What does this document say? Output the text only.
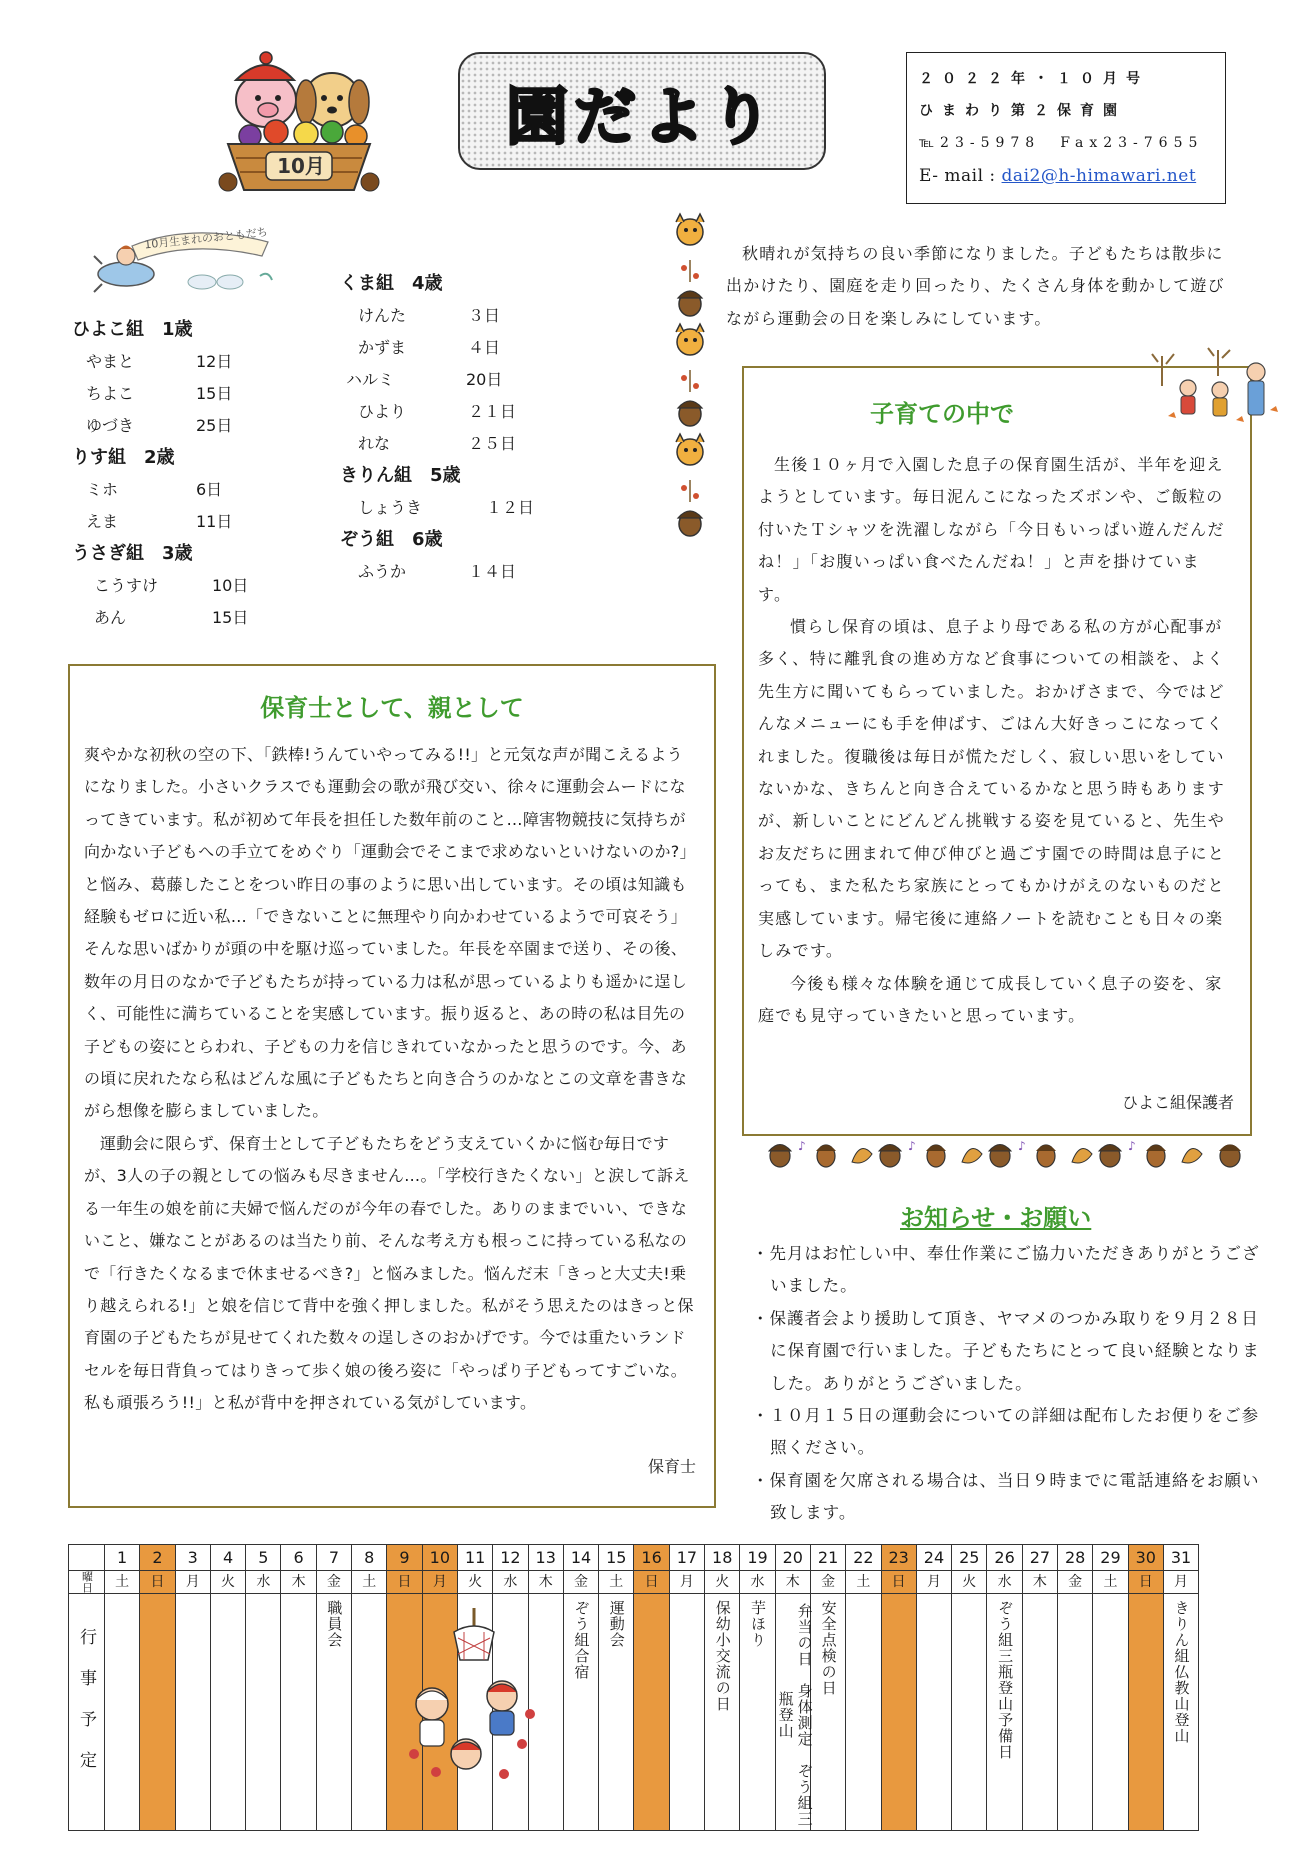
10月
園だより
２０２２年・１０月号
ひまわり第２保育園
℡23-5978　Fax23-7655
E- mail : dai2@h-himawari.net
10月生まれのおともだち
ひよこ組　1歳
やまと	12日
ちよこ	15日
ゆづき	25日
りす組　2歳
ミホ	6日
えま	11日
うさぎ組　3歳
こうすけ	10日
あん	15日
くま組　4歳
けんた	３日
かずま	４日
ハルミ	20日
ひより	２１日
れな	２５日
きりん組　5歳
しょうき	１２日
ぞう組　6歳
ふうか	１４日
秋晴れが気持ちの良い季節になりました。子どもたちは散歩に出かけたり、園庭を走り回ったり、たくさん身体を動かして遊びながら運動会の日を楽しみにしています。
保育士として、親として

爽やかな初秋の空の下、「鉄棒!うんていやってみる!!」と元気な声が聞こえるようになりました。小さいクラスでも運動会の歌が飛び交い、徐々に運動会ムードになってきています。私が初めて年長を担任した数年前のこと…障害物競技に気持ちが向かない子どもへの手立てをめぐり「運動会でそこまで求めないといけないのか?」と悩み、葛藤したことをつい昨日の事のように思い出しています。その頃は知識も経験もゼロに近い私…「できないことに無理やり向かわせているようで可哀そう」そんな思いばかりが頭の中を駆け巡っていました。年長を卒園まで送り、その後、数年の月日のなかで子どもたちが持っている力は私が思っているよりも遥かに逞しく、可能性に満ちていることを実感しています。振り返ると、あの時の私は目先の子どもの姿にとらわれ、子どもの力を信じきれていなかったと思うのです。今、あの頃に戻れたなら私はどんな風に子どもたちと向き合うのかなとこの文章を書きながら想像を膨らましていました。

運動会に限らず、保育士として子どもたちをどう支えていくかに悩む毎日ですが、3人の子の親としての悩みも尽きません…。「学校行きたくない」と涙して訴える一年生の娘を前に夫婦で悩んだのが今年の春でした。ありのままでいい、できないこと、嫌なことがあるのは当たり前、そんな考え方も根っこに持っている私なので「行きたくなるまで休ませるべき?」と悩みました。悩んだ末「きっと大丈夫!乗り越えられる!」と娘を信じて背中を強く押しました。私がそう思えたのはきっと保育園の子どもたちが見せてくれた数々の逞しさのおかげです。今では重たいランドセルを毎日背負ってはりきって歩く娘の後ろ姿に「やっぱり子どもってすごいな。私も頑張ろう!!」と私が背中を押されている気がしています。

保育士
子育ての中で

生後１０ヶ月で入園した息子の保育園生活が、半年を迎えようとしています。毎日泥んこになったズボンや、ご飯粒の付いたＴシャツを洗濯しながら「今日もいっぱい遊んだんだね！」「お腹いっぱい食べたんだね！」と声を掛けています。

慣らし保育の頃は、息子より母である私の方が心配事が多く、特に離乳食の進め方など食事についての相談を、よく先生方に聞いてもらっていました。おかげさまで、今ではどんなメニューにも手を伸ばす、ごはん大好きっこになってくれました。復職後は毎日が慌ただしく、寂しい思いをしていないかな、きちんと向き合えているかなと思う時もありますが、新しいことにどんどん挑戦する姿を見ていると、先生やお友だちに囲まれて伸び伸びと過ごす園での時間は息子にとっても、また私たち家族にとってもかけがえのないものだと実感しています。帰宅後に連絡ノートを読むことも日々の楽しみです。

今後も様々な体験を通じて成長していく息子の姿を、家庭でも見守っていきたいと思っています。

ひよこ組保護者
♪
お知らせ・お願い

・先月はお忙しい中、奉仕作業にご協力いただきありがとうございました。

・保護者会より援助して頂き、ヤマメのつかみ取りを９月２８日に保育園で行いました。子どもたちにとって良い経験となりました。ありがとうございました。

・１０月１５日の運動会についての詳細は配布したお便りをご参照ください。

・保育園を欠席される場合は、当日９時までに電話連絡をお願い致します。

	1	2	3	4	5	6	7	8	9	10	11	12	13	14	15	16	17	18	19	20	21	22	23	24	25	26	27	28	29	30	31

曜日	土	日	月	火	水	木	金	土	日	月	火	水	木	金	土	日	月	火	水	木	金	土	日	月	火	水	木	金	土	日	月

行事予定							職員会							ぞう組合宿	運動会			保幼小交流の日	芋ほり	弁当の日　身体測定　ぞう組三瓶登山	安全点検の日					ぞう組三瓶登山予備日					きりん組仏教山登山
